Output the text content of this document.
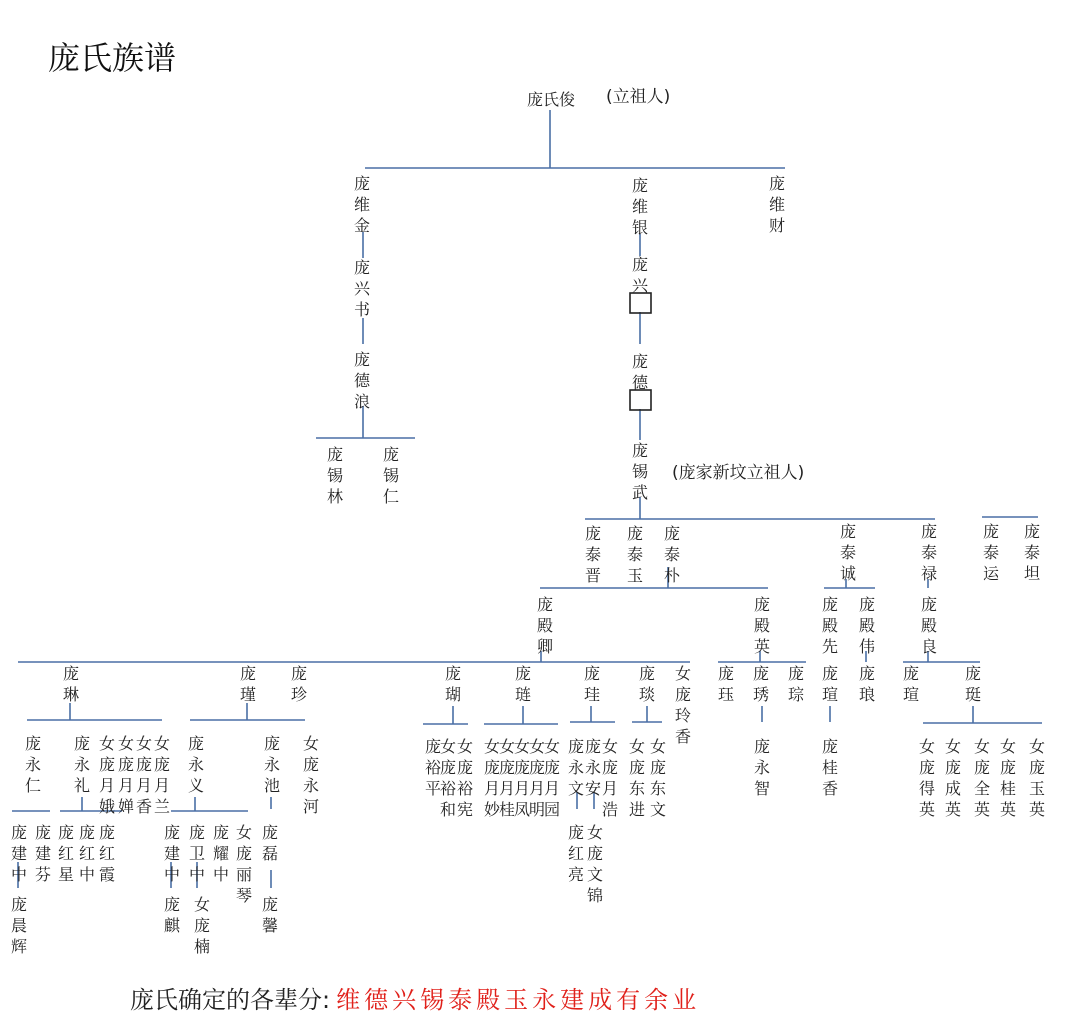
庞氏族谱
庞氏俊
庞
维
金
庞
维
银
庞
维
财
庞
兴
书
庞
兴
庞
德
浪
庞
德
庞
锡
林
庞
锡
仁
庞
锡
武
庞
泰
晋
庞
泰
玉
庞
泰
朴
庞
泰
诚
庞
泰
禄
庞
泰
运
庞
泰
坦
庞
殿
卿
庞
殿
英
庞
殿
先
庞
殿
伟
庞
殿
良
庞
琳
庞
瑾
庞
珍
庞
瑚
庞
琏
庞
珪
庞
琰
女
庞
玲
香
庞
珏
庞
琇
庞
琮
庞
瑄
庞
琅
庞
瑄
庞
珽
庞
永
仁
庞
永
礼
女
庞
月
娥
女
庞
月
婵
女
庞
月
香
女
庞
月
兰
庞
永
义
庞
永
池
女
庞
永
河
庞
裕
平
女
庞
裕
和
女
庞
裕
宪
女
庞
月
妙
女
庞
月
桂
女
庞
月
凤
女
庞
月
明
女
庞
月
园
庞
永
文
庞
永
安
女
庞
月
浩
女
庞
东
进
女
庞
东
文
庞
永
智
庞
桂
香
女
庞
得
英
女
庞
成
英
女
庞
全
英
女
庞
桂
英
女
庞
玉
英
庞
建
中
庞
建
芬
庞
红
星
庞
红
中
庞
红
霞
庞
建
中
庞
卫
中
庞
耀
中
女
庞
丽
琴
庞
磊
庞
红
亮
女
庞
文
锦
庞
晨
辉
庞
麒
女
庞
楠
庞
馨
(立祖人)
(庞家新坟立祖人)
庞氏确定的各辈分: 维德兴锡泰殿玉永建成有余业
